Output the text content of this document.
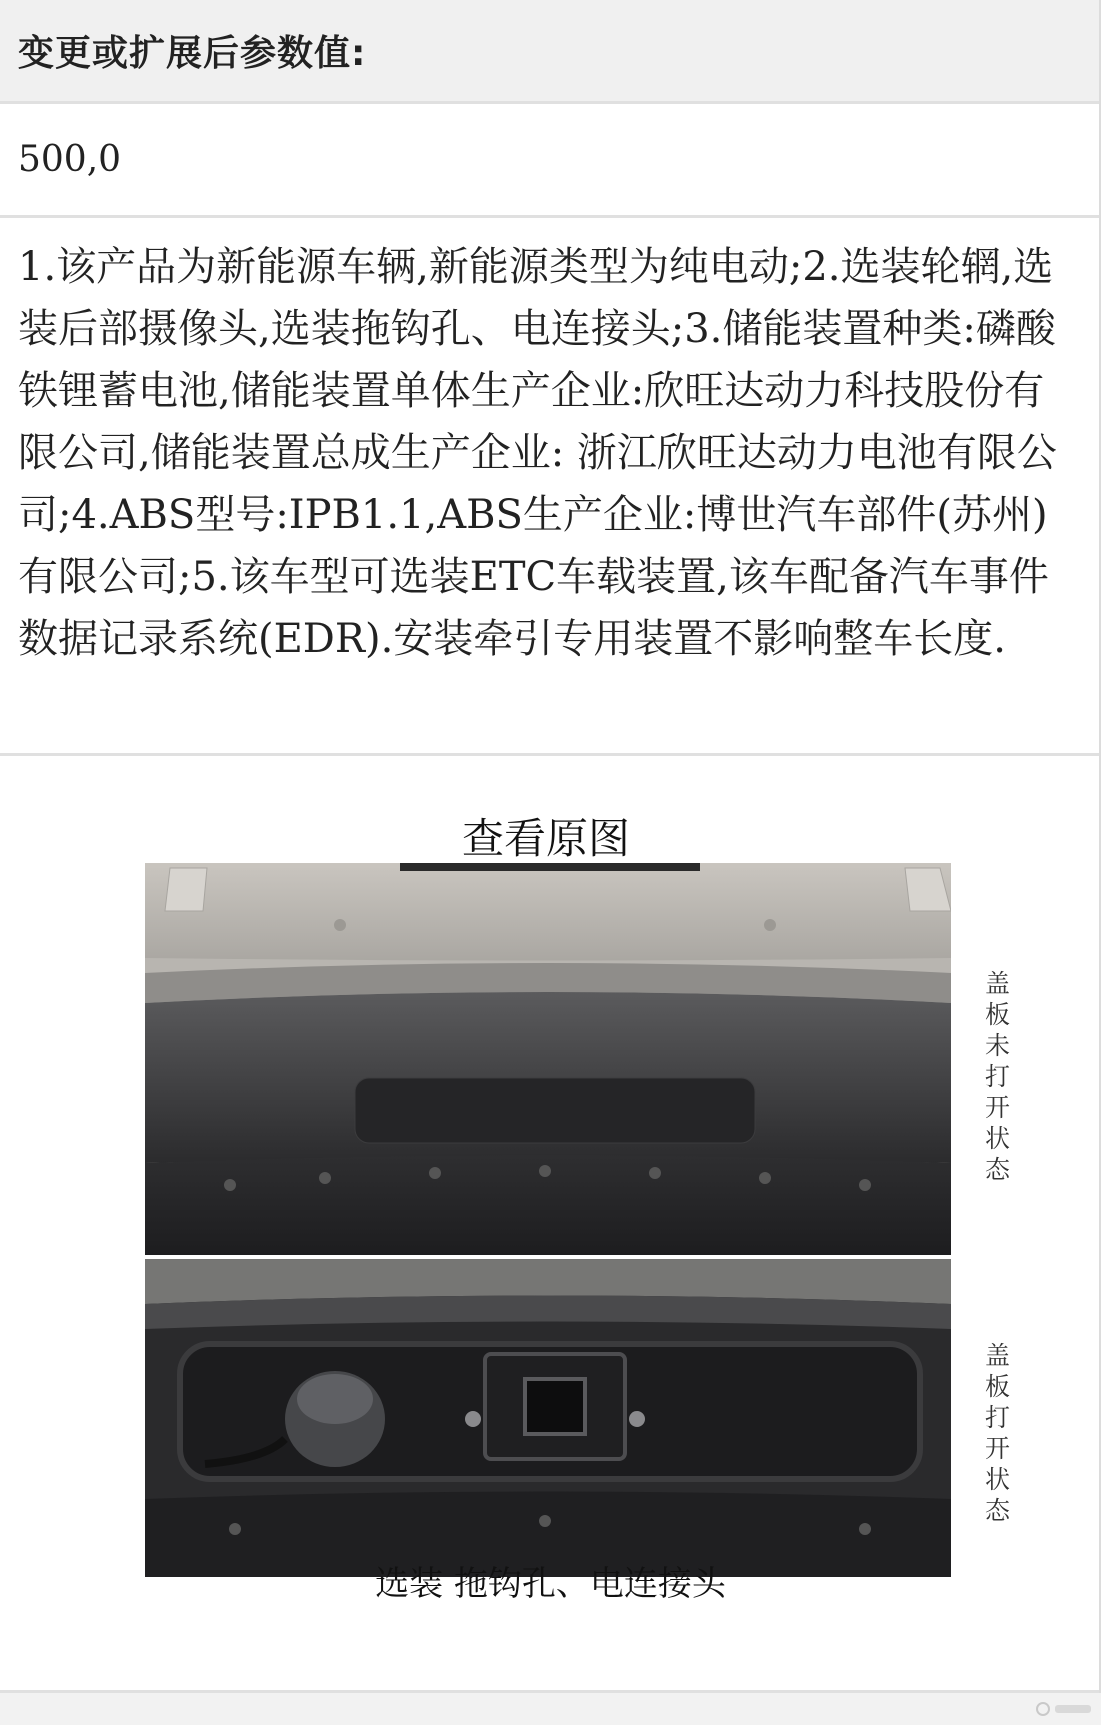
变更或扩展后参数值:
500,0
1.该产品为新能源车辆,新能源类型为纯电动;2.选装轮辋,选装后部摄像头,选装拖钩孔、电连接头;3.储能装置种类:磷酸铁锂蓄电池,储能装置单体生产企业:欣旺达动力科技股份有限公司,储能装置总成生产企业: 浙江欣旺达动力电池有限公司;4.ABS型号:IPB1.1,ABS生产企业:博世汽车部件(苏州)有限公司;5.该车型可选装ETC车载装置,该车配备汽车事件数据记录系统(EDR).安装牵引专用装置不影响整车长度.
查看原图
选装 拖钩孔、电连接头
盖板未打开状态
盖板打开状态
